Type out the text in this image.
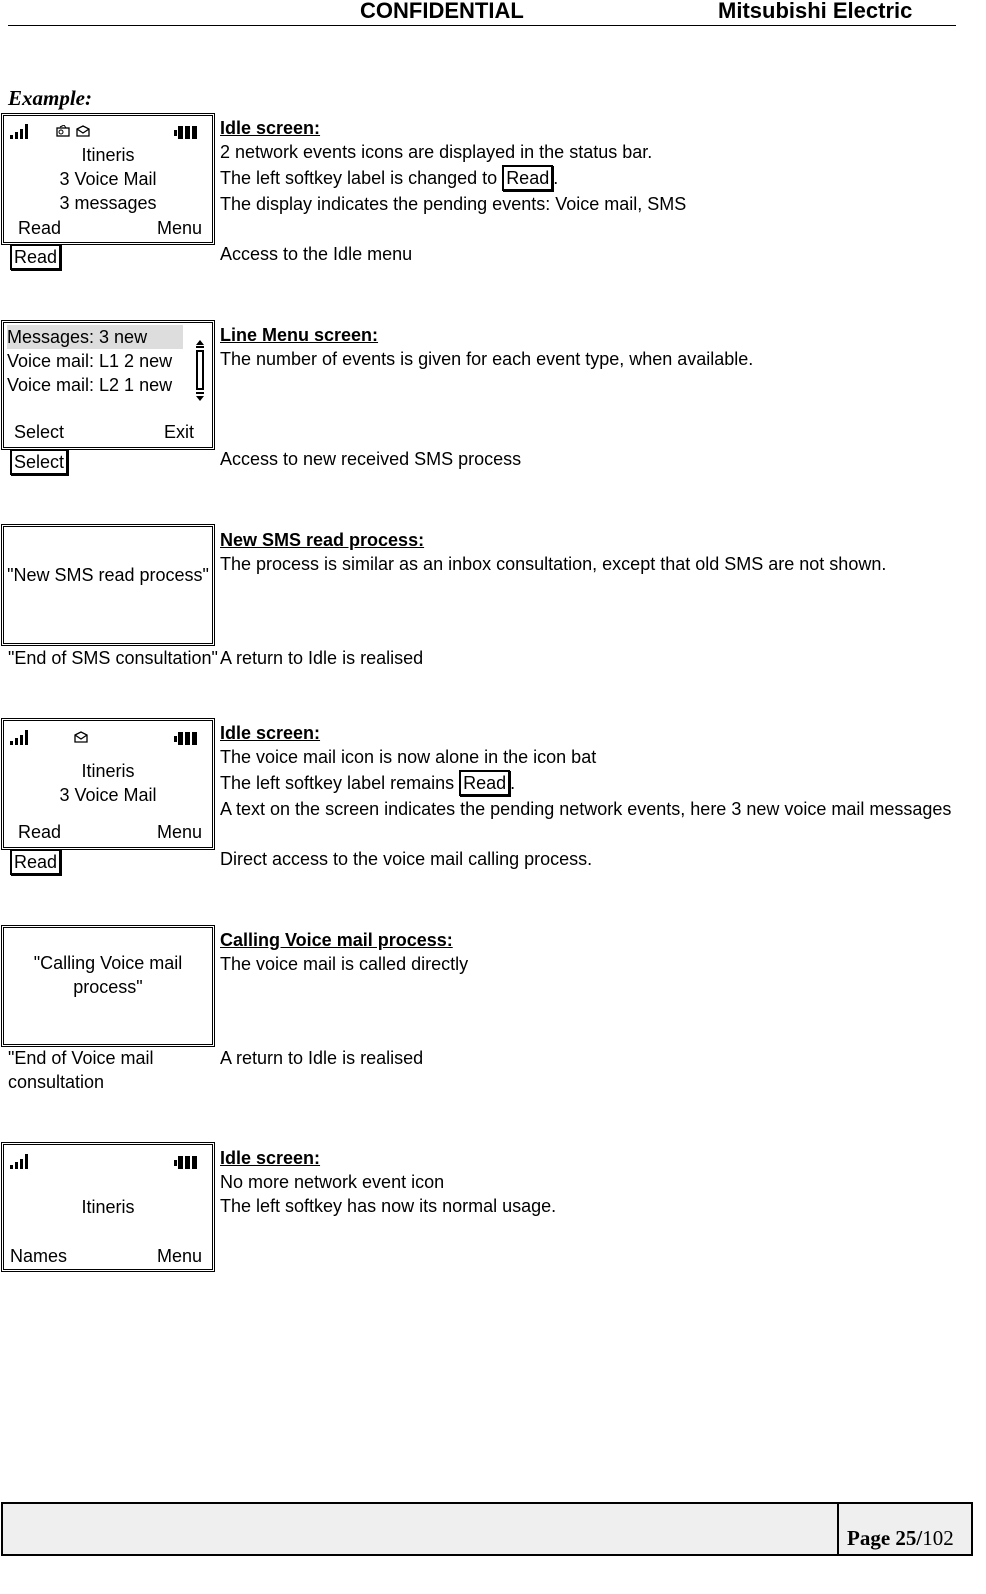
CONFIDENTIAL	Mitsubishi Electric
Example:
Itineris
3 Voice Mail
3 messages
Read	Menu
Idle screen:
2 network events icons are displayed in the status bar.
The left softkey label is changed to Read .
The display indicates the pending events: Voice mail, SMS
Read	Access to the Idle menu
Messages: 3 new
Voice mail: L1 2 new
Voice mail: L2 1 new
Select	Exit
Line Menu screen:
The number of events is given for each event type, when available.
Select	Access to new received SMS process
"New SMS read process"
New SMS read process:
The process is similar as an inbox consultation, except that old SMS are not shown.
"End of SMS consultation" A return to Idle is realised
Itineris
3 Voice Mail
Read	Menu
Idle screen:
The voice mail icon is now alone in the icon bat
The left softkey label remains Read .
A text on the screen indicates the pending network events, here 3 new voice mail messages
Read	Direct access to the voice mail calling process.
"Calling Voice mail
process"
Calling Voice mail process:
The voice mail is called directly
"End of Voice mail
consultation
A return to Idle is realised
Itineris
Names	Menu
Idle screen:
No more network event icon
The left softkey has now its normal usage.
Page 25/102
